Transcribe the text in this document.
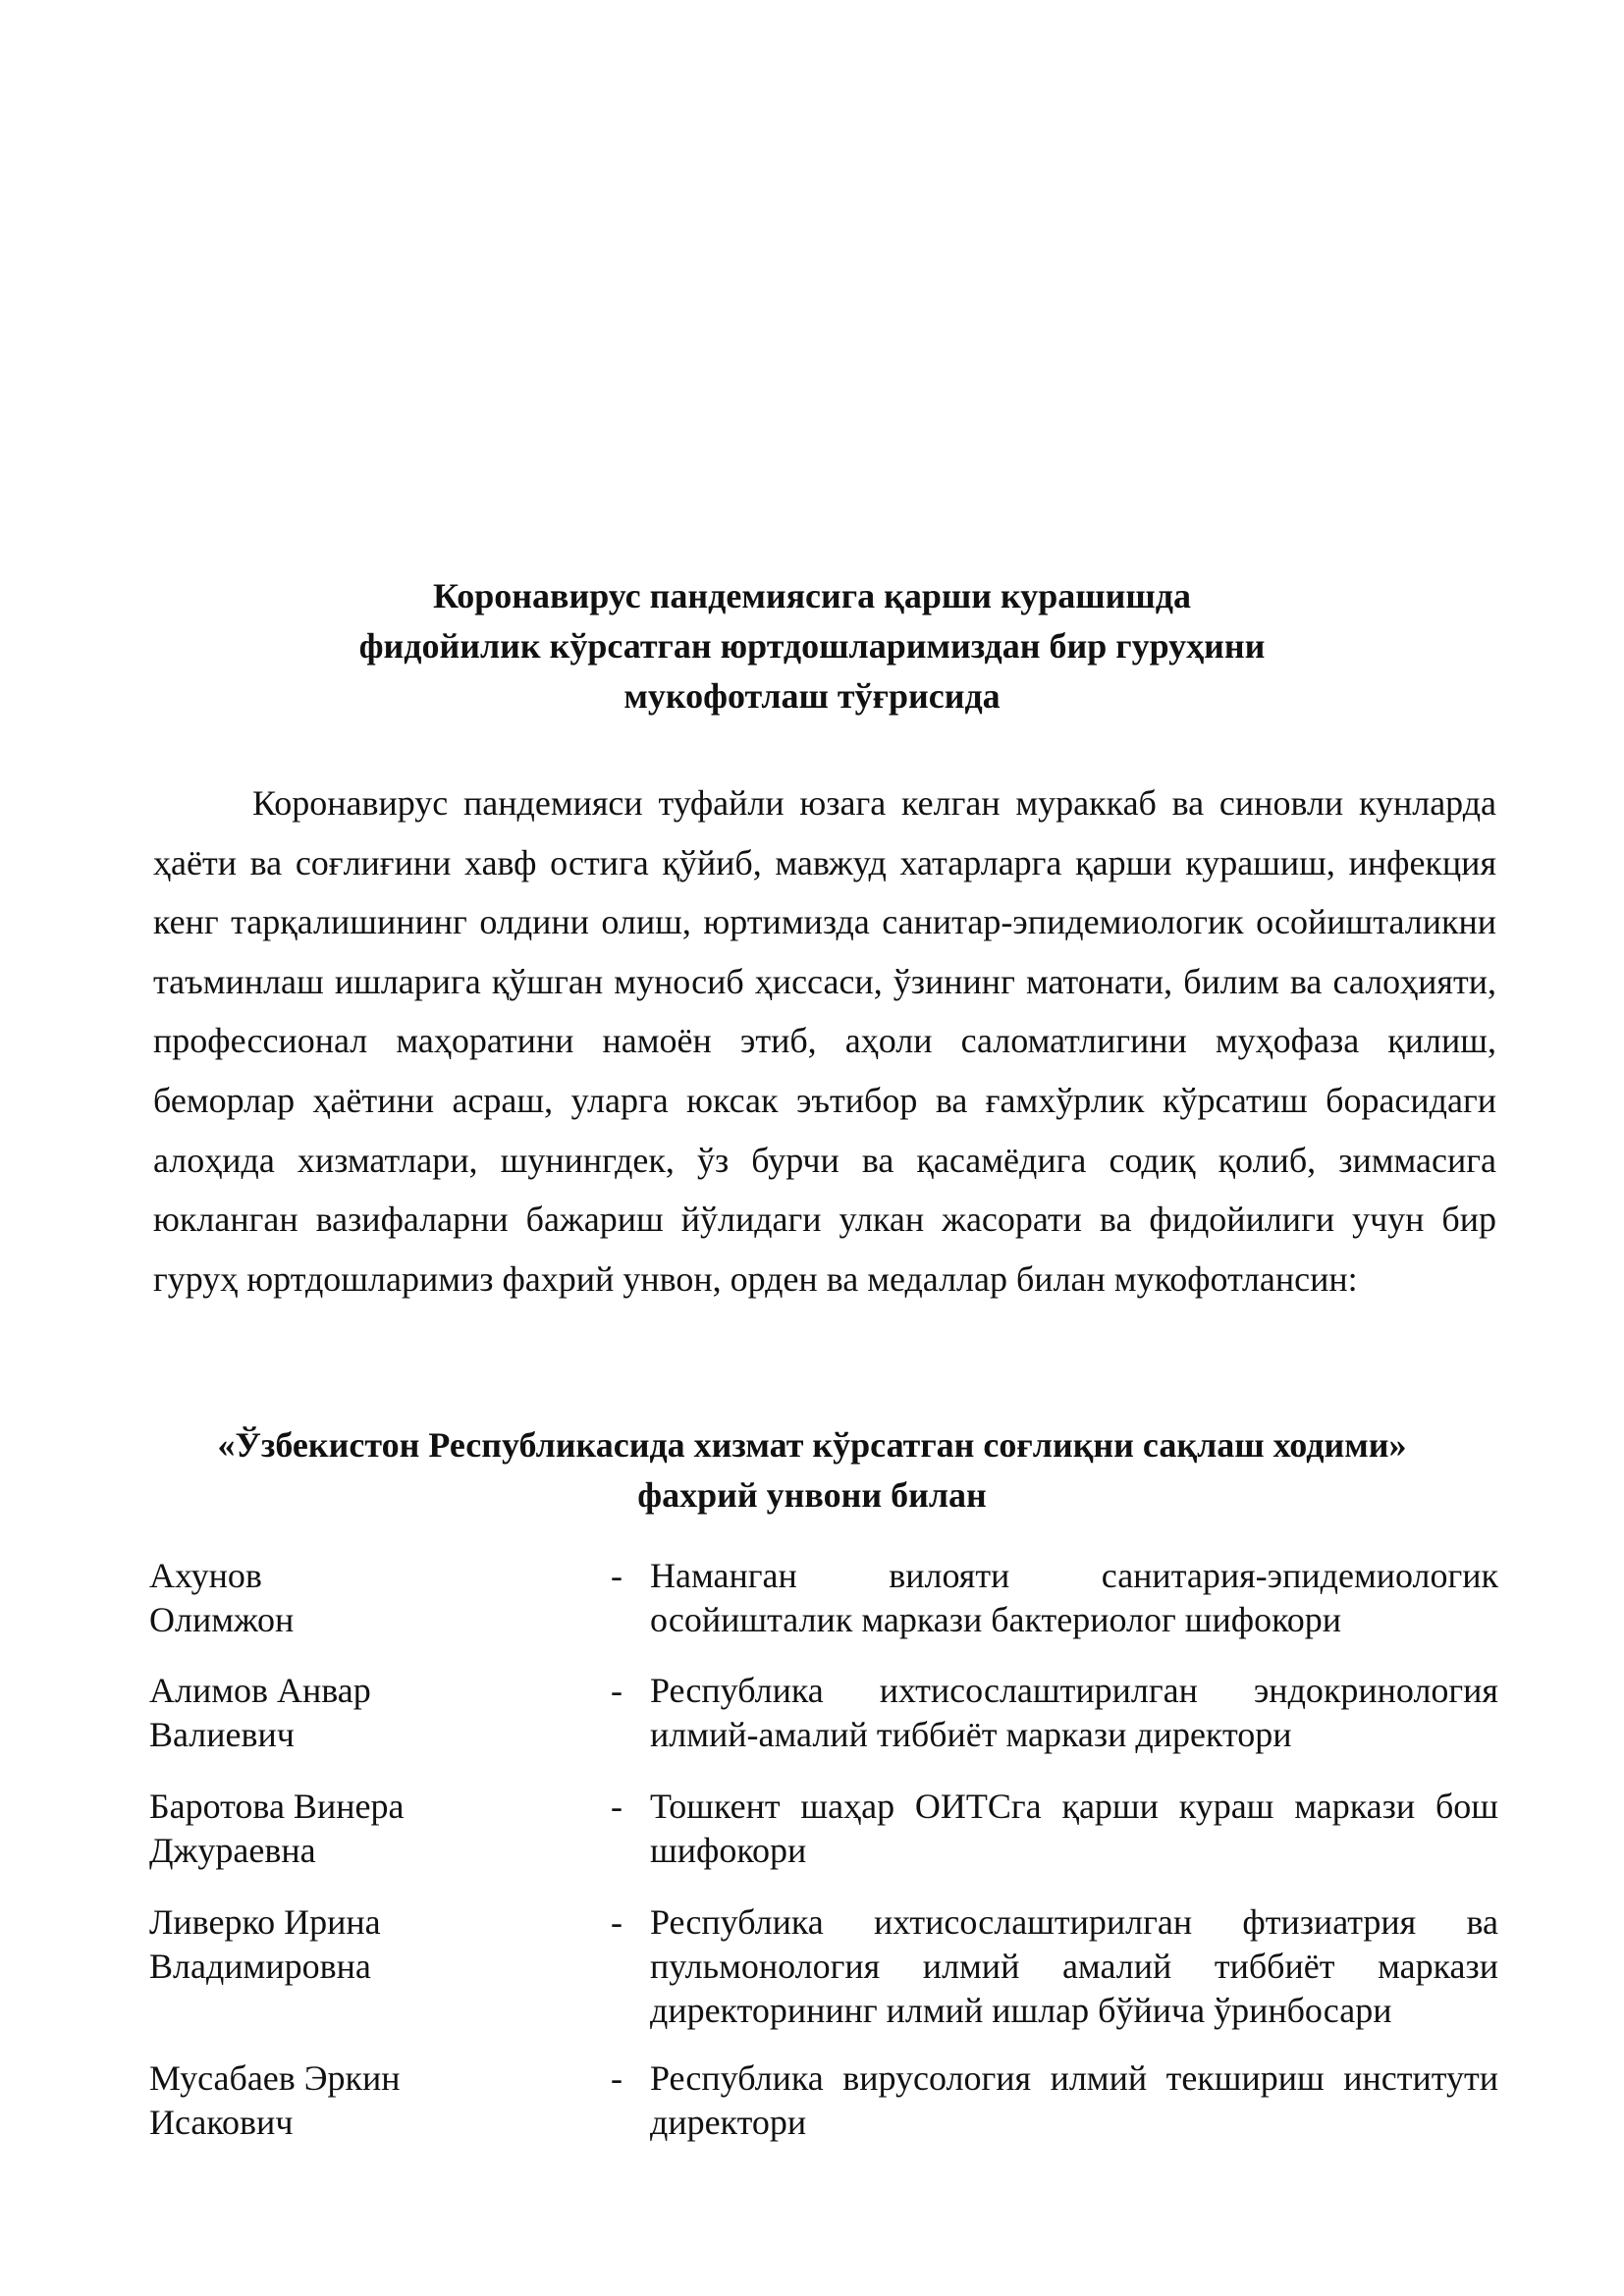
Коронавирус пандемиясига қарши курашишда
фидойилик кўрсатган юртдошларимиздан бир гуруҳини
мукофотлаш тўғрисида

Коронавирус пандемияси туфайли юзага келган мураккаб ва синовли кунларда ҳаёти ва соғлиғини хавф остига қўйиб, мавжуд хатарларга қарши курашиш, инфекция кенг тарқалишининг олдини олиш, юртимизда санитар-эпидемиологик осойишталикни таъминлаш ишларига қўшган муносиб ҳиссаси, ўзининг матонати, билим ва салоҳияти, профессионал маҳоратини намоён этиб, аҳоли саломатлигини муҳофаза қилиш, беморлар ҳаётини асраш, уларга юксак эътибор ва ғамхўрлик кўрсатиш борасидаги алоҳида хизматлари, шунингдек, ўз бурчи ва қасамёдига содиқ қолиб, зиммасига юкланган вазифаларни бажариш йўлидаги улкан жасорати ва фидойилиги учун бир гуруҳ юртдошларимиз фахрий унвон, орден ва медаллар билан мукофотлансин:

«Ўзбекистон Республикасида хизмат кўрсатган соғлиқни сақлаш ходими»
фахрий унвони билан
Ахунов
Олимжон
- Наманган вилояти санитария-эпидемиологик осойишталик маркази бактериолог шифокори
Алимов Анвар
Валиевич
- Республика ихтисослаштирилган эндокринология илмий-амалий тиббиёт маркази директори
Баротова Винера
Джураевна
- Тошкент шаҳар ОИТСга қарши кураш маркази бош шифокори
Ливерко Ирина
Владимировна
- Республика ихтисослаштирилган фтизиатрия ва пульмонология илмий амалий тиббиёт маркази директорининг илмий ишлар бўйича ўринбосари
Мусабаев Эркин
Исакович
- Республика вирусология илмий текшириш институти директори
